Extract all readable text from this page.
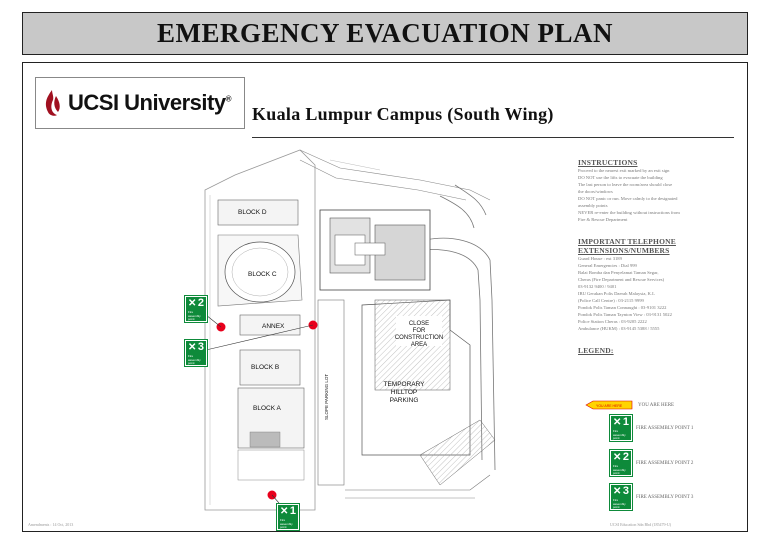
EMERGENCY EVACUATION PLAN
UCSI University®
Kuala Lumpur Campus (South Wing)
BLOCK D
BLOCK C
ANNEX
BLOCK B
BLOCK A	SLOPE PARKING LOT
CLOSE
FOR
CONSTRUCTION
AREA
TEMPORARY
HILLTOP
PARKING
✕ 2
Fire assembly point
✕ 3
Fire assembly point
✕ 1
Fire assembly point
INSTRUCTIONS
Proceed to the nearest exit marked by an exit sign
DO NOT use the lifts to evacuate the building
The last person to leave the room/area should close
the doors/windows
DO NOT panic or run. Move calmly to the designated
assembly points
NEVER re-enter the building without instructions from
Fire & Rescue Department
IMPORTANT TELEPHONE
EXTENSIONS/NUMBERS
Guard House : ext 3189
General Emergencies : Dial 999
Balai Bomba dan Penyelamat Taman Segar,
Cheras (Fire Department and Rescue Services)
03-9132 9400 / 9401
IBU Gerakan Polis Daerah Malaysia, K.L
(Police Call Centre) : 03-2115 9999
Pondok Polis Taman Connaught : 03-9101 3222
Pondok Polis Taman Taynton View : 03-9131 5022
Police Station Cheras : 03-9205 2222
Ambulance (HUKM) : 03-9145 5388 / 5555
LEGEND:
YOU ARE HERE	YOU ARE HERE
✕ 1
Fire assembly point
FIRE ASSEMBLY POINT 1
✕ 2
Fire assembly point
FIRE ASSEMBLY POINT 2
✕ 3
Fire assembly point
FIRE ASSEMBLY POINT 3
Amendments : 14 Oct, 2013	UCSI Education Sdn Bhd (185479-U)
